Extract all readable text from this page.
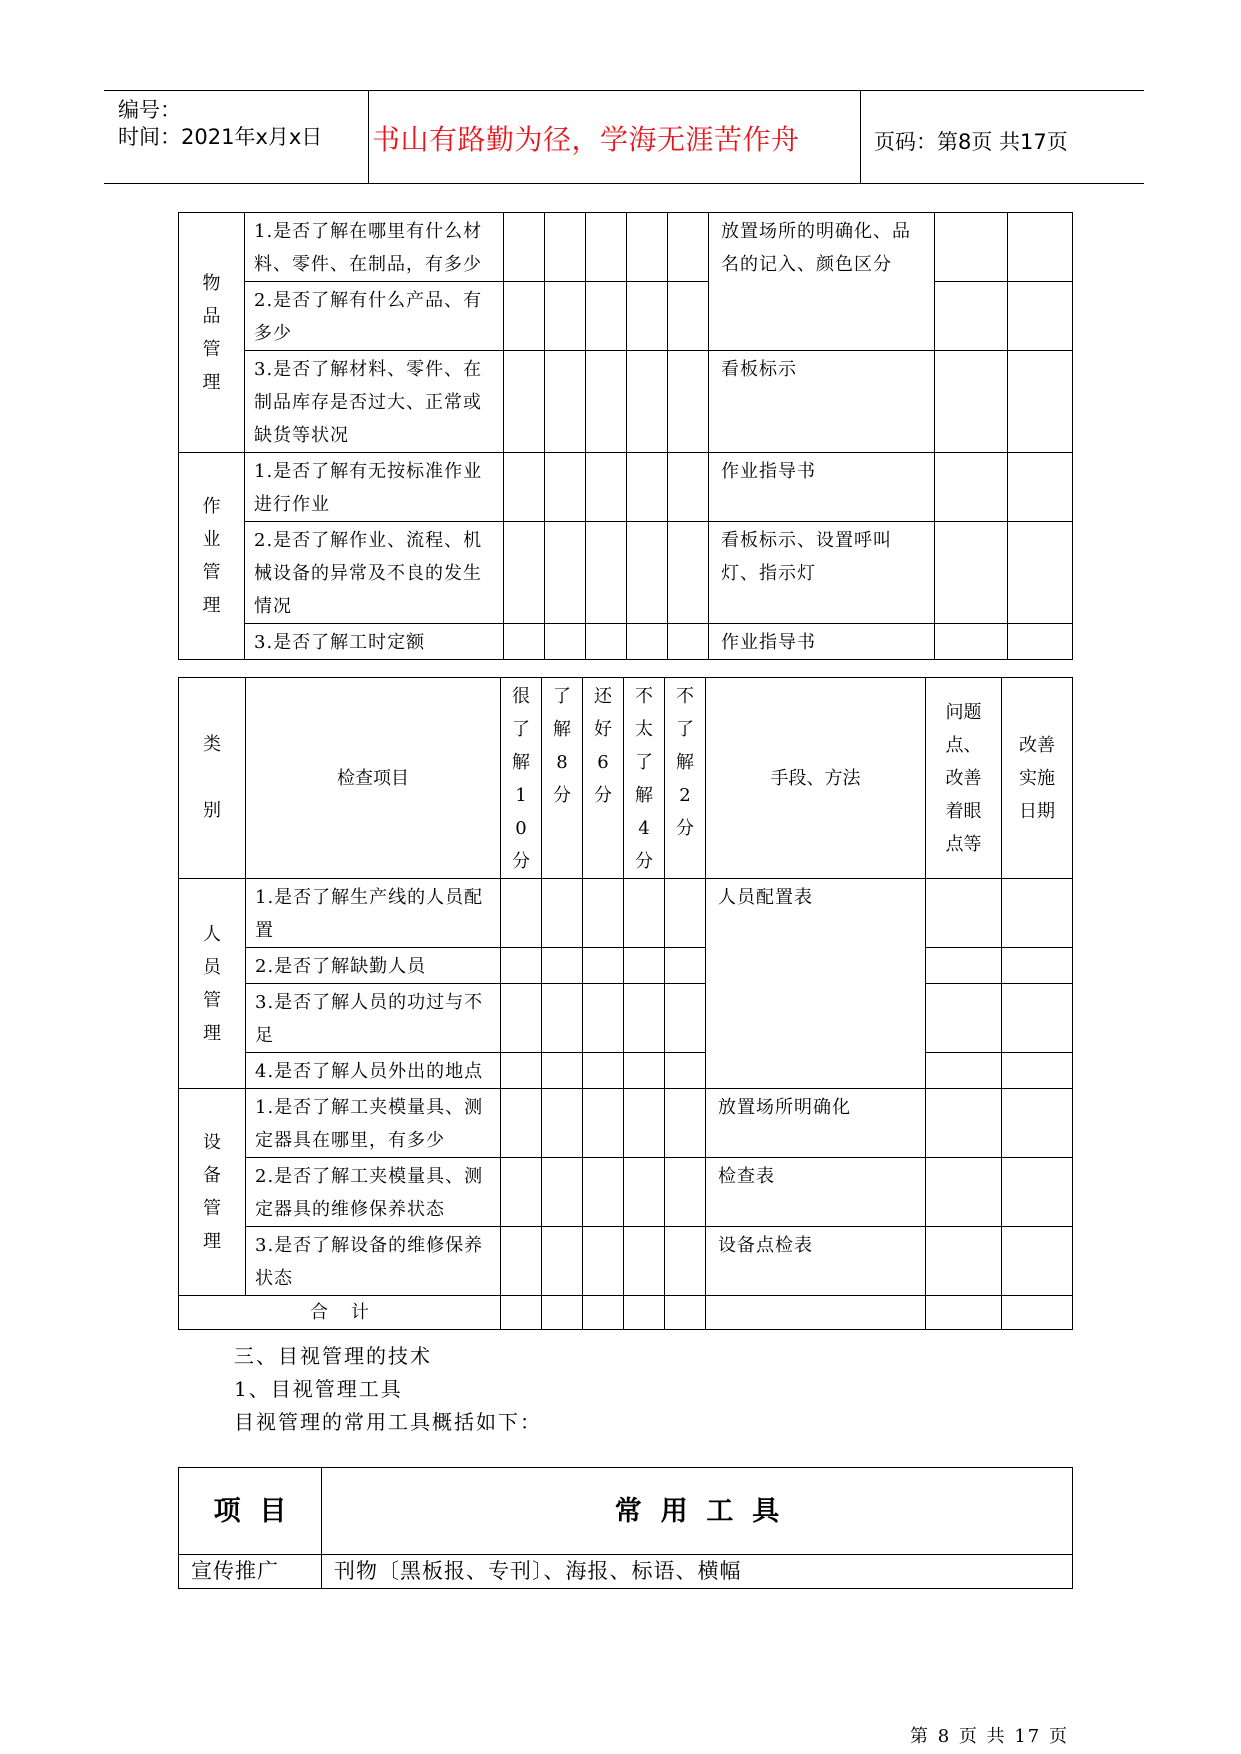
编号：
时间：2021年x月x日 书山有路勤为径，学海无涯苦作舟	页码：第8页 共17页
物品管理	1.是否了解在哪里有什么材料、零件、在制品，有多少						放置场所的明确化、品名的记入、颜色区分		
	2.是否了解有什么产品、有多少								
	3.是否了解材料、零件、在制品库存是否过大、正常或缺货等状况						看板标示		
作业管理	1.是否了解有无按标准作业进行作业						作业指导书		
	2.是否了解作业、流程、机械设备的异常及不良的发生情况						看板标示、设置呼叫灯、指示灯		
	3.是否了解工时定额						作业指导书		
类别	检查项目	很了解10分	了解8分	还好6分	不太了解4分	不了解2分	手段、方法	问题点、改善着眼点等	改善实施日期
人员管理	1.是否了解生产线的人员配置						人员配置表		
	2.是否了解缺勤人员								
	3.是否了解人员的功过与不足								
	4.是否了解人员外出的地点								
设备管理	1.是否了解工夹模量具、测定器具在哪里，有多少						放置场所明确化		
	2.是否了解工夹模量具、测定器具的维修保养状态						检查表		
	3.是否了解设备的维修保养状态						设备点检表		
合    计									
三、目视管理的技术
1、目视管理工具
目视管理的常用工具概括如下：
项  目	常  用  工  具
宣传推广	刊物〔黑板报、专刊〕、海报、标语、横幅
第 8 页 共 17 页
